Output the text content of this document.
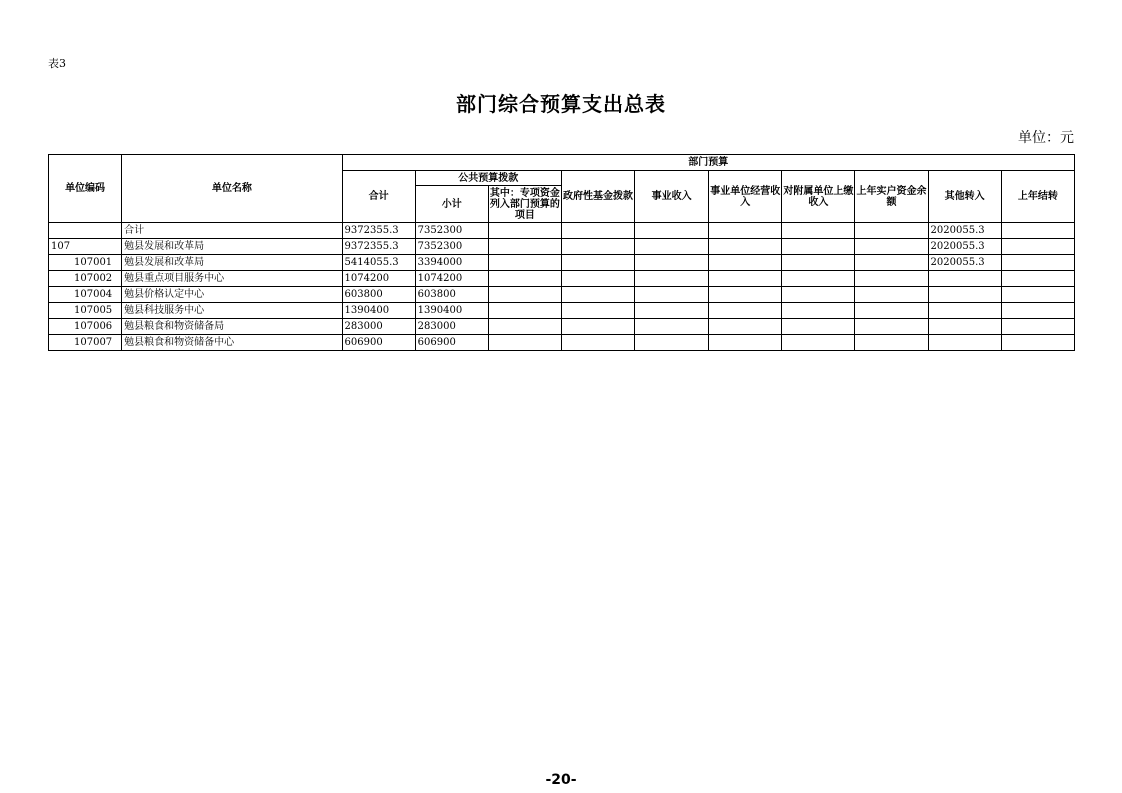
表3
部门综合预算支出总表
单位：元
单位编码	单位名称	部门预算									
		合计	公共预算拨款		政府性基金拨款	事业收入	事业单位经营收入	对附属单位上缴收入	上年实户资金余额	其他转入	上年结转
			小计	其中：专项资金列入部门预算的项目							
	合计	9372355.3	7352300							2020055.3	
107	勉县发展和改革局	9372355.3	7352300							2020055.3	
107001	勉县发展和改革局	5414055.3	3394000							2020055.3	
107002	勉县重点项目服务中心	1074200	1074200								
107004	勉县价格认定中心	603800	603800								
107005	勉县科技服务中心	1390400	1390400								
107006	勉县粮食和物资储备局	283000	283000								
107007	勉县粮食和物资储备中心	606900	606900								
-20-
